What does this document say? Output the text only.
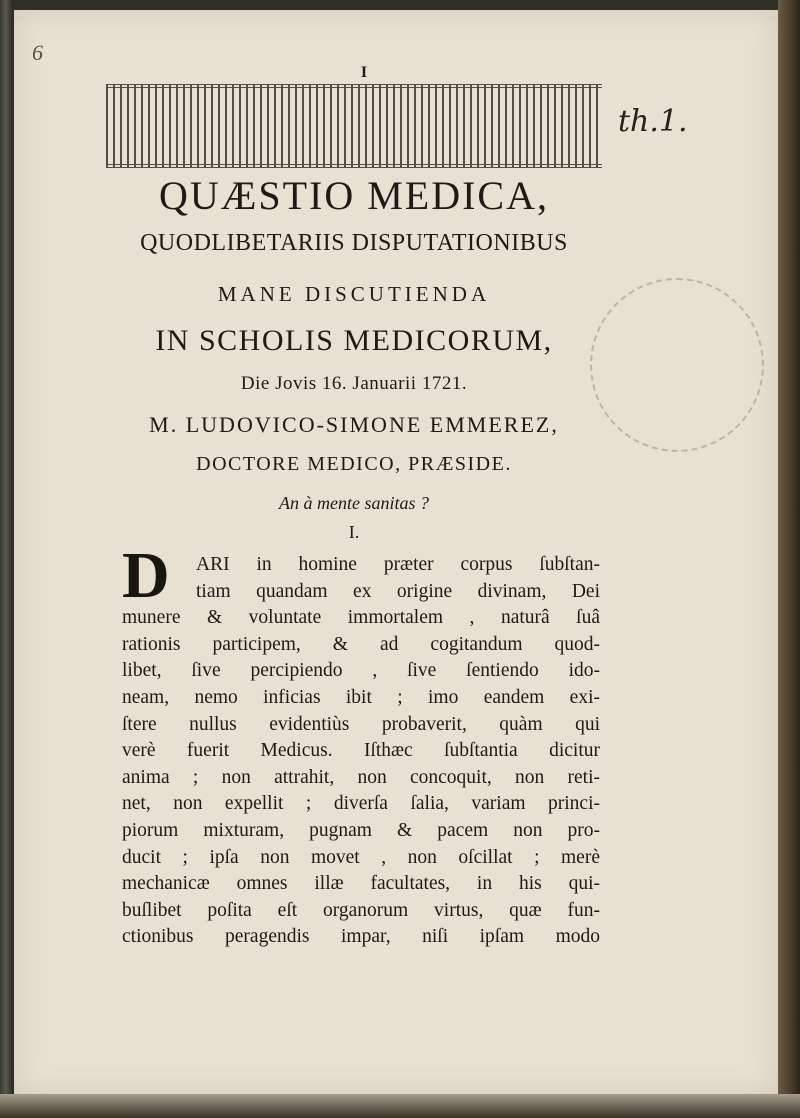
6
I
th.1.
QUÆSTIO MEDICA,
QUODLIBETARIIS DISPUTATIONIBUS
MANE DISCUTIENDA
IN SCHOLIS MEDICORUM,
Die Jovis 16. Januarii 1721.
M. LUDOVICO-SIMONE EMMEREZ,
DOCTORE MEDICO, PRÆSIDE.
An à mente sanitas ?
I.
D	ARI in homine præter corpus ſubſtan-
tiam quandam ex origine divinam, Dei
munere & voluntate immortalem , naturâ ſuâ
rationis participem, & ad cogitandum quod-
libet, ſive percipiendo , ſive ſentiendo ido-
neam, nemo inficias ibit ; imo eandem exi-
ſtere nullus evidentiùs probaverit, quàm qui
verè fuerit Medicus. Iſthæc ſubſtantia dicitur
anima ; non attrahit, non concoquit, non reti-
net, non expellit ; diverſa ſalia, variam princi-
piorum mixturam, pugnam & pacem non pro-
ducit ; ipſa non movet , non oſcillat ; merè
mechanicæ omnes illæ facultates, in his qui-
buſlibet poſita eſt organorum virtus, quæ fun-
ctionibus peragendis impar, niſi ipſam modo
